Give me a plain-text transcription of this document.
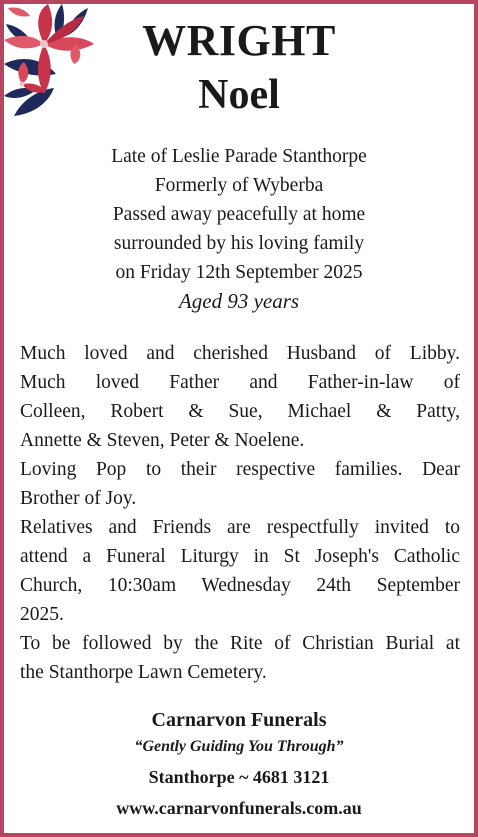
WRIGHT
Noel
Late of Leslie Parade Stanthorpe
Formerly of Wyberba
Passed away peacefully at home
surrounded by his loving family
on Friday 12th September 2025
Aged 93 years
Much loved and cherished Husband of Libby.
Much loved Father and Father-in-law of
Colleen, Robert & Sue, Michael & Patty,
Annette & Steven, Peter & Noelene.
Loving Pop to their respective families. Dear
Brother of Joy.
Relatives and Friends are respectfully invited to
attend a Funeral Liturgy in St Joseph's Catholic
Church, 10:30am Wednesday 24th September
2025.
To be followed by the Rite of Christian Burial at
the Stanthorpe Lawn Cemetery.
Carnarvon Funerals
“Gently Guiding You Through”
Stanthorpe ~ 4681 3121
www.carnarvonfunerals.com.au
